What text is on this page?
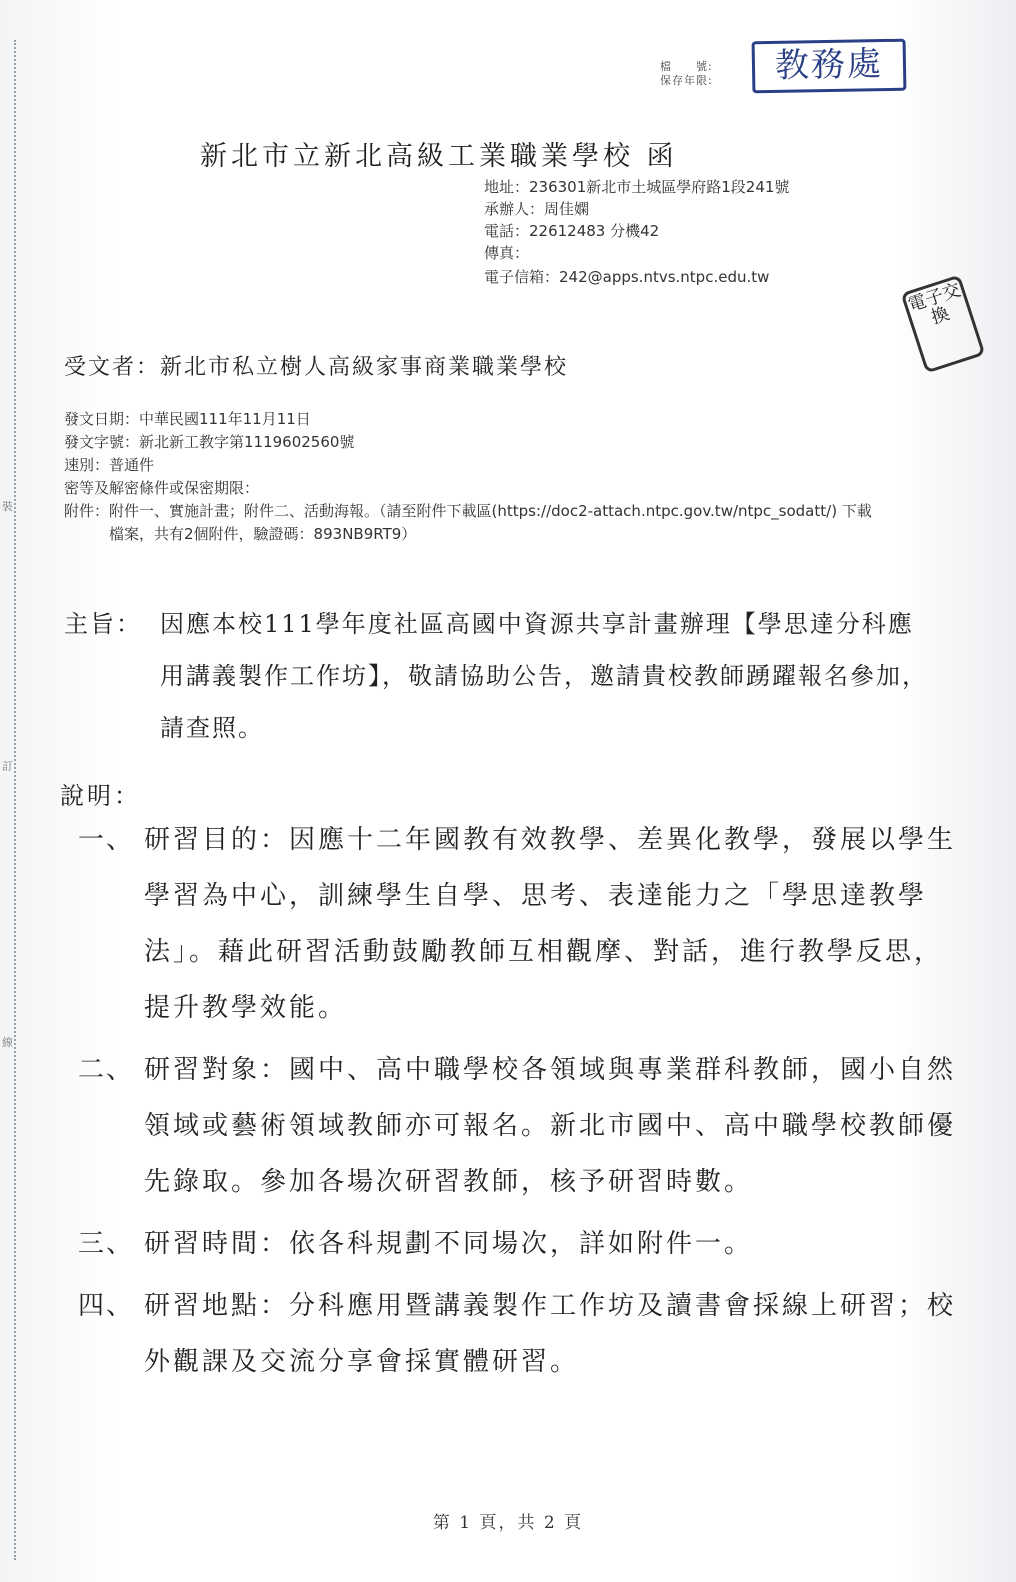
裝
訂
線
檔　　號:
保存年限:	教務處
新北市立新北高級工業職業學校 函
地址：236301新北市土城區學府路1段241號
承辦人：周佳嫻
電話：22612483 分機42
傳真：
電子信箱：242@apps.ntvs.ntpc.edu.tw
電子交換
受文者：新北市私立樹人高級家事商業職業學校
發文日期：中華民國111年11月11日
發文字號：新北新工教字第1119602560號
速別：普通件
密等及解密條件或保密期限：
附件： 附件一、實施計畫；附件二、活動海報。（請至附件下載區(https://doc2-attach.ntpc.gov.tw/ntpc_sodatt/) 下載檔案，共有2個附件，驗證碼：893NB9RT9）
主旨： 因應本校111學年度社區高國中資源共享計畫辦理【學思達分科應用講義製作工作坊】，敬請協助公告，邀請貴校教師踴躍報名參加，請查照。
說明：
一、 研習目的：因應十二年國教有效教學、差異化教學，發展以學生學習為中心，訓練學生自學、思考、表達能力之「學思達教學法」。藉此研習活動鼓勵教師互相觀摩、對話，進行教學反思，提升教學效能。
二、 研習對象：國中、高中職學校各領域與專業群科教師，國小自然領域或藝術領域教師亦可報名。新北市國中、高中職學校教師優先錄取。參加各場次研習教師，核予研習時數。
三、 研習時間：依各科規劃不同場次，詳如附件一。
四、 研習地點：分科應用暨講義製作工作坊及讀書會採線上研習；校外觀課及交流分享會採實體研習。
第 1 頁，共 2 頁
